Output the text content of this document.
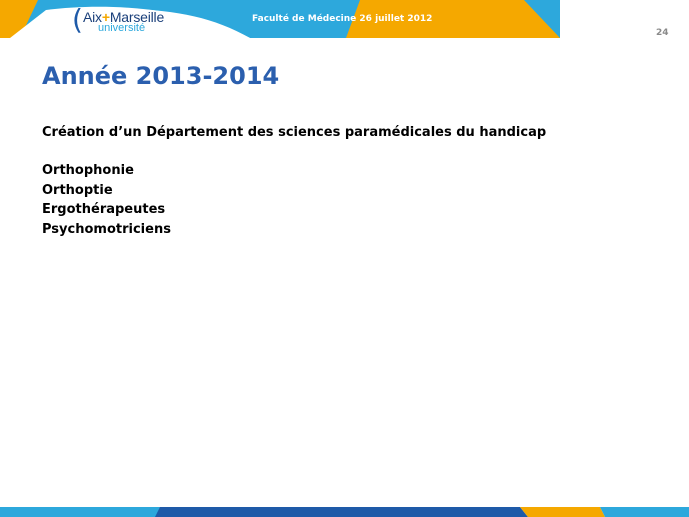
( Aix+Marseille
université
Faculté de Médecine 26 juillet 2012
24
Année 2013-2014

Création d’un Département des sciences paramédicales du handicap

Orthophonie
Orthoptie
Ergothérapeutes
Psychomotriciens
